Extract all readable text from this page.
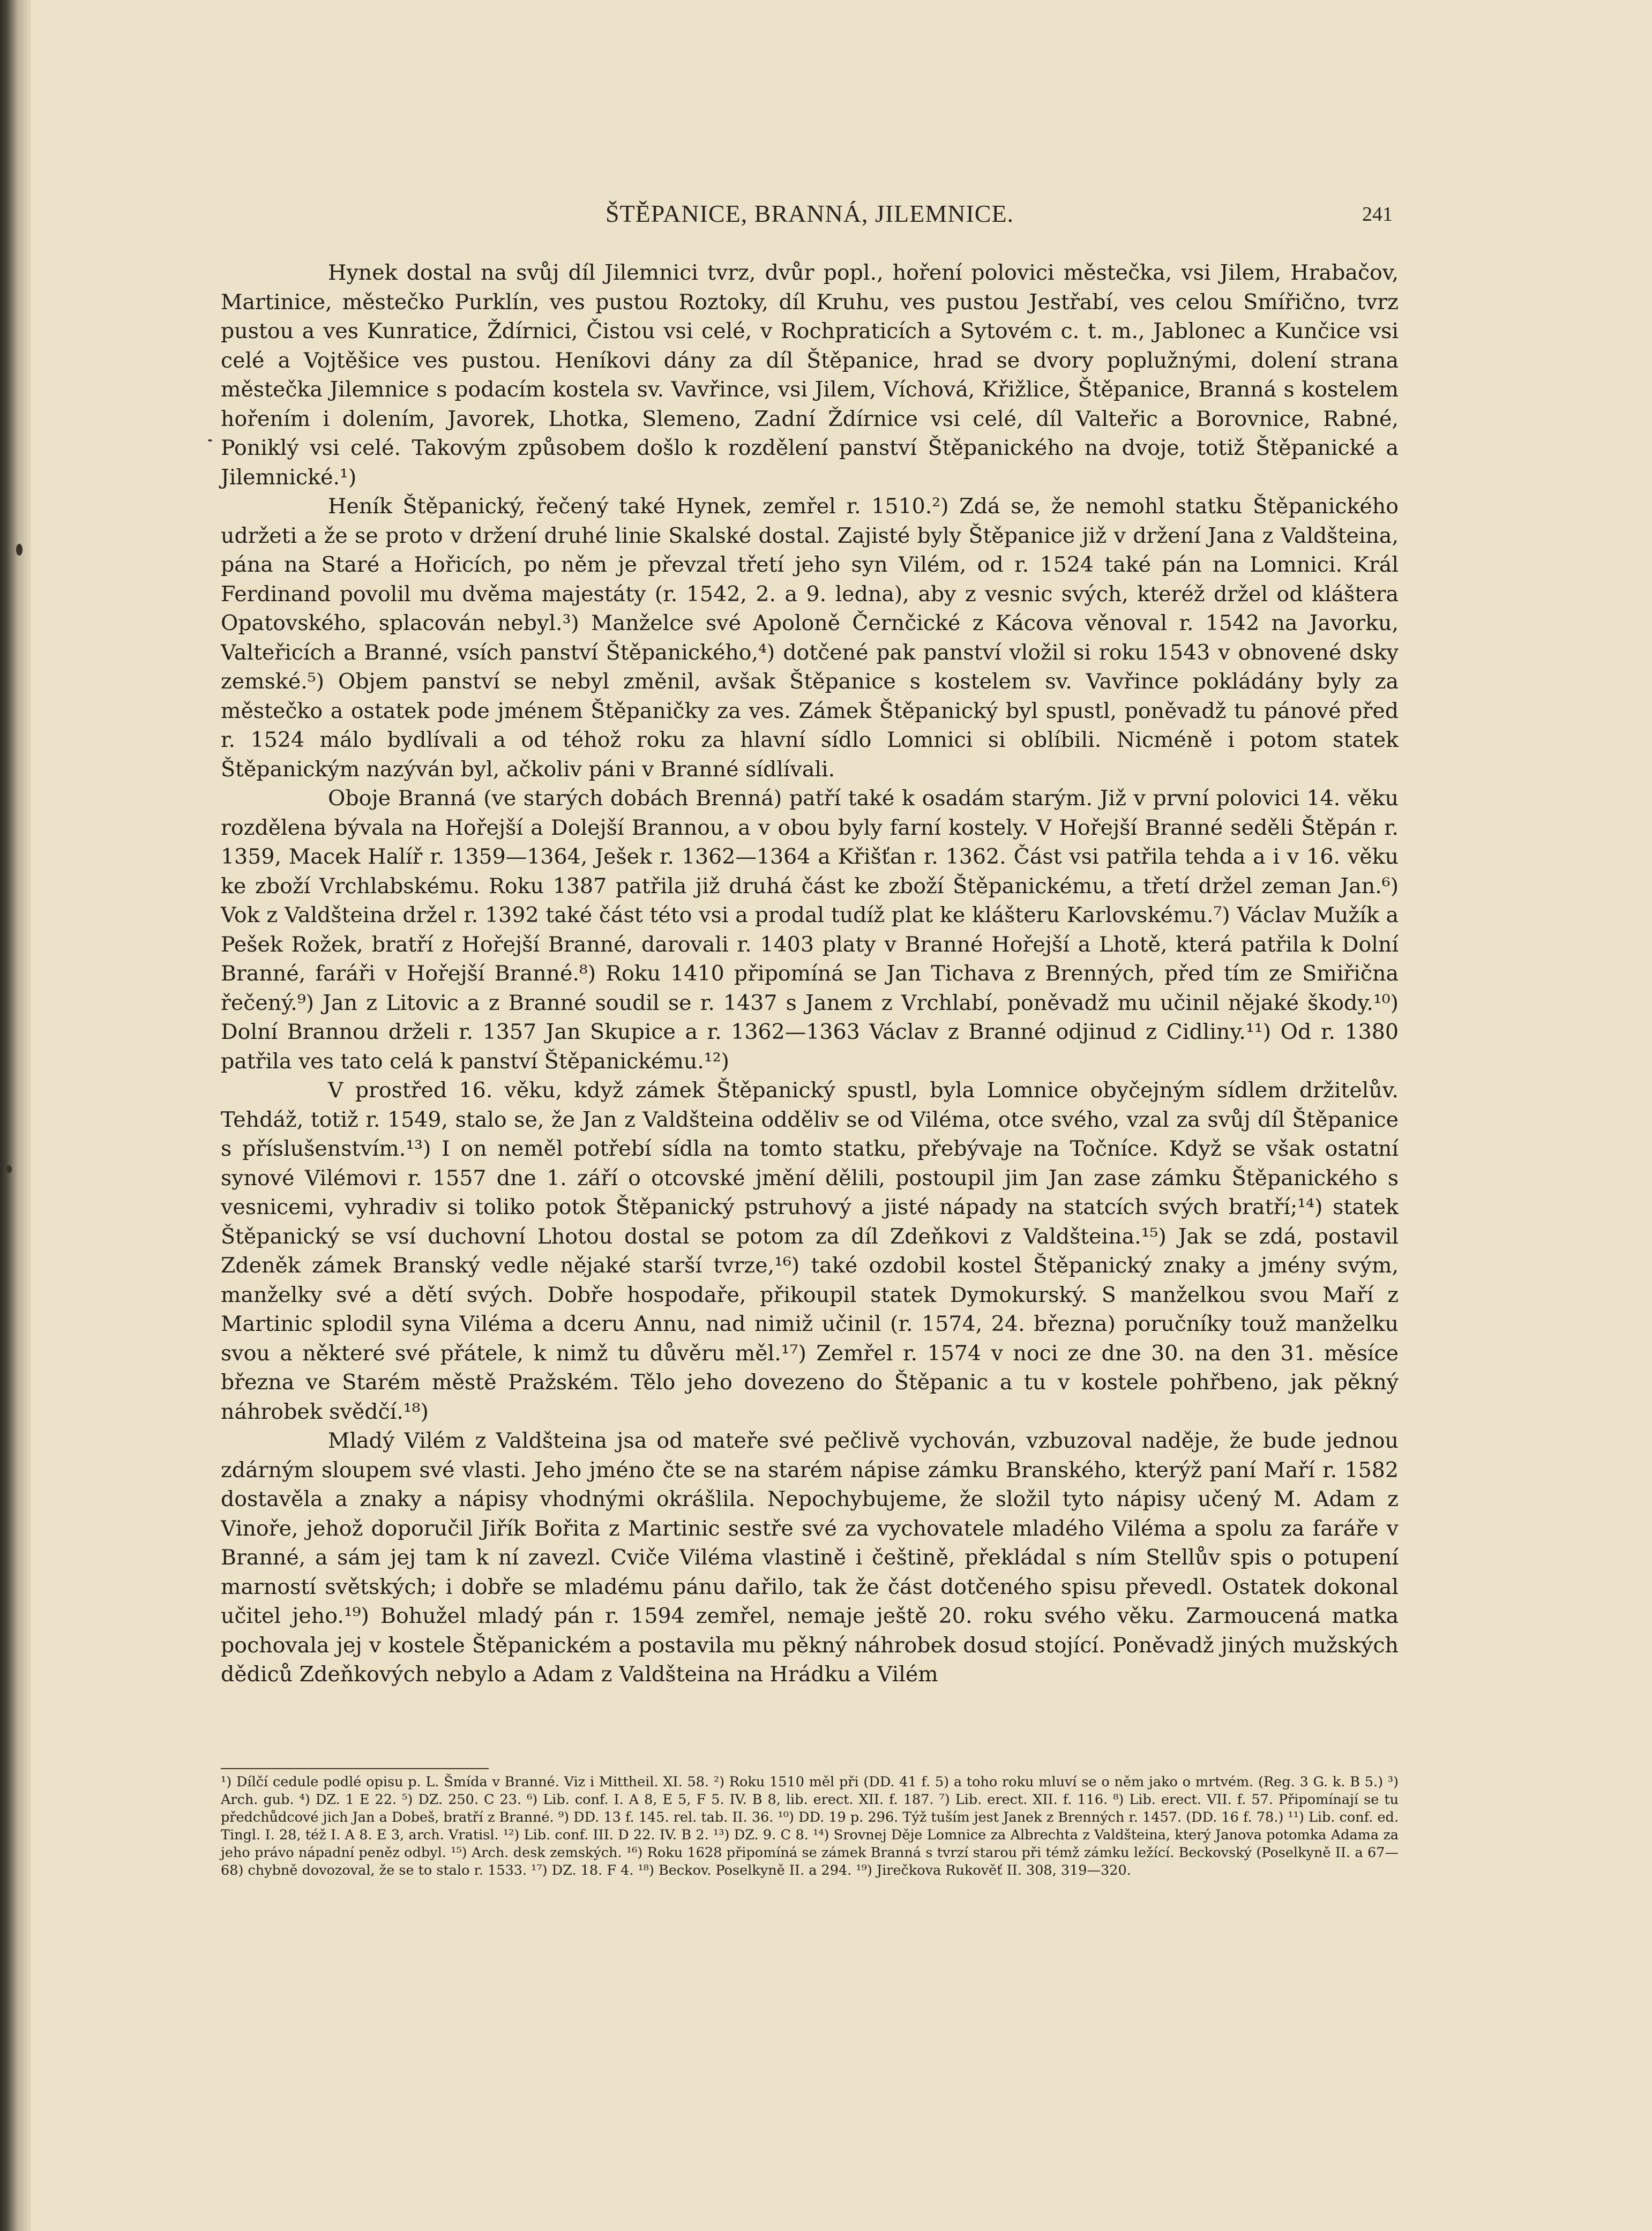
ŠTĚPANICE, BRANNÁ, JILEMNICE.	241

Hynek dostal na svůj díl Jilemnici tvrz, dvůr popl., hoření polovici městečka, vsi Jilem, Hrabačov, Martinice, městečko Purklín, ves pustou Roztoky, díl Kruhu, ves pustou Jestřabí, ves celou Smířično, tvrz pustou a ves Kunratice, Ždírnici, Čistou vsi celé, v Rochpraticích a Sytovém c. t. m., Jablonec a Kunčice vsi celé a Vojtěšice ves pustou. Heníkovi dány za díl Štěpanice, hrad se dvory poplužnými, dolení strana městečka Jilemnice s podacím kostela sv. Vavřince, vsi Jilem, Víchová, Křižlice, Štěpanice, Branná s kostelem hořením i dolením, Javorek, Lhotka, Slemeno, Zadní Ždírnice vsi celé, díl Valteřic a Borovnice, Rabné, Poniklý vsi celé. Takovým způsobem došlo k rozdělení panství Štěpanického na dvoje, totiž Štěpanické a Jilemnické.¹)

Heník Štěpanický, řečený také Hynek, zemřel r. 1510.²) Zdá se, že nemohl statku Štěpanického udržeti a že se proto v držení druhé linie Skalské dostal. Zajisté byly Štěpanice již v držení Jana z Valdšteina, pána na Staré a Hořicích, po něm je převzal třetí jeho syn Vilém, od r. 1524 také pán na Lomnici. Král Ferdinand povolil mu dvěma majestáty (r. 1542, 2. a 9. ledna), aby z vesnic svých, kteréž držel od kláštera Opatovského, splacován nebyl.³) Manželce své Apoloně Černčické z Kácova věnoval r. 1542 na Javorku, Valteřicích a Branné, vsích panství Štěpanického,⁴) dotčené pak panství vložil si roku 1543 v obnovené dsky zemské.⁵) Objem panství se nebyl změnil, avšak Štěpanice s kostelem sv. Vavřince pokládány byly za městečko a ostatek pode jménem Štěpaničky za ves. Zámek Štěpanický byl spustl, poněvadž tu pánové před r. 1524 málo bydlívali a od téhož roku za hlavní sídlo Lomnici si oblíbili. Nicméně i potom statek Štěpanickým nazýván byl, ačkoliv páni v Branné sídlívali.

Oboje Branná (ve starých dobách Brenná) patří také k osadám starým. Již v první polovici 14. věku rozdělena bývala na Hořejší a Dolejší Brannou, a v obou byly farní kostely. V Hořejší Branné seděli Štěpán r. 1359, Macek Halíř r. 1359—1364, Ješek r. 1362—1364 a Křišťan r. 1362. Část vsi patřila tehda a i v 16. věku ke zboží Vrchlabskému. Roku 1387 patřila již druhá část ke zboží Štěpanickému, a třetí držel zeman Jan.⁶) Vok z Valdšteina držel r. 1392 také část této vsi a prodal tudíž plat ke klášteru Karlovskému.⁷) Václav Mužík a Pešek Rožek, bratří z Hořejší Branné, darovali r. 1403 platy v Branné Hořejší a Lhotě, která patřila k Dolní Branné, faráři v Hořejší Branné.⁸) Roku 1410 připomíná se Jan Tichava z Brenných, před tím ze Smiřična řečený.⁹) Jan z Litovic a z Branné soudil se r. 1437 s Janem z Vrchlabí, poněvadž mu učinil nějaké škody.¹⁰) Dolní Brannou drželi r. 1357 Jan Skupice a r. 1362—1363 Václav z Branné odjinud z Cidliny.¹¹) Od r. 1380 patřila ves tato celá k panství Štěpanickému.¹²)

V prostřed 16. věku, když zámek Štěpanický spustl, byla Lomnice obyčejným sídlem držitelův. Tehdáž, totiž r. 1549, stalo se, že Jan z Valdšteina odděliv se od Viléma, otce svého, vzal za svůj díl Štěpanice s příslušenstvím.¹³) I on neměl potřebí sídla na tomto statku, přebývaje na Točníce. Když se však ostatní synové Vilémovi r. 1557 dne 1. září o otcovské jmění dělili, postoupil jim Jan zase zámku Štěpanického s vesnicemi, vyhradiv si toliko potok Štěpanický pstruhový a jisté nápady na statcích svých bratří;¹⁴) statek Štěpanický se vsí duchovní Lhotou dostal se potom za díl Zdeňkovi z Valdšteina.¹⁵) Jak se zdá, postavil Zdeněk zámek Branský vedle nějaké starší tvrze,¹⁶) také ozdobil kostel Štěpanický znaky a jmény svým, manželky své a dětí svých. Dobře hospodaře, přikoupil statek Dymokurský. S manželkou svou Maří z Martinic splodil syna Viléma a dceru Annu, nad nimiž učinil (r. 1574, 24. března) poručníky touž manželku svou a některé své přátele, k nimž tu důvěru měl.¹⁷) Zemřel r. 1574 v noci ze dne 30. na den 31. měsíce března ve Starém městě Pražském. Tělo jeho dovezeno do Štěpanic a tu v kostele pohřbeno, jak pěkný náhrobek svědčí.¹⁸)

Mladý Vilém z Valdšteina jsa od mateře své pečlivě vychován, vzbuzoval naděje, že bude jednou zdárným sloupem své vlasti. Jeho jméno čte se na starém nápise zámku Branského, kterýž paní Maří r. 1582 dostavěla a znaky a nápisy vhodnými okrášlila. Nepochybujeme, že složil tyto nápisy učený M. Adam z Vinoře, jehož doporučil Jiřík Bořita z Martinic sestře své za vychovatele mladého Viléma a spolu za faráře v Branné, a sám jej tam k ní zavezl. Cvičе Viléma vlastině i češtině, překládal s ním Stellův spis o potupení marností světských; i dobře se mladému pánu dařilo, tak že část dotčeného spisu převedl. Ostatek dokonal učitel jeho.¹⁹) Bohužel mladý pán r. 1594 zemřel, nemaje ještě 20. roku svého věku. Zarmoucená matka pochovala jej v kostele Štěpanickém a postavila mu pěkný náhrobek dosud stojící. Poněvadž jiných mužských dědiců Zdeňkových nebylo a Adam z Valdšteina na Hrádku a Vilém

¹) Dílčí cedule podlé opisu p. L. Šmída v Branné. Viz i Mittheil. XI. 58. ²) Roku 1510 měl při (DD. 41 f. 5) a toho roku mluví se o něm jako o mrtvém. (Reg. 3 G. k. B 5.) ³) Arch. gub. ⁴) DZ. 1 E 22. ⁵) DZ. 250. C 23. ⁶) Lib. conf. I. A 8, E 5, F 5. IV. B 8, lib. erect. XII. f. 187. ⁷) Lib. erect. XII. f. 116. ⁸) Lib. erect. VII. f. 57. Připomínají se tu předchůdcové jich Jan a Dobeš, bratří z Branné. ⁹) DD. 13 f. 145. rel. tab. II. 36. ¹⁰) DD. 19 p. 296. Týž tuším jest Janek z Brenných r. 1457. (DD. 16 f. 78.) ¹¹) Lib. conf. ed. Tingl. I. 28, též I. A 8. E 3, arch. Vratisl. ¹²) Lib. conf. III. D 22. IV. B 2. ¹³) DZ. 9. C 8. ¹⁴) Srovnej Děje Lomnice za Albrechta z Valdšteina, který Janova potomka Adama za jeho právo nápadní peněz odbyl. ¹⁵) Arch. desk zemských. ¹⁶) Roku 1628 připomíná se zámek Branná s tvrzí starou při témž zámku ležící. Beckovský (Poselkyně II. a 67—68) chybně dovozoval, že se to stalo r. 1533. ¹⁷) DZ. 18. F 4. ¹⁸) Beckov. Poselkyně II. a 294. ¹⁹) Jirečkova Rukověť II. 308, 319—320.
